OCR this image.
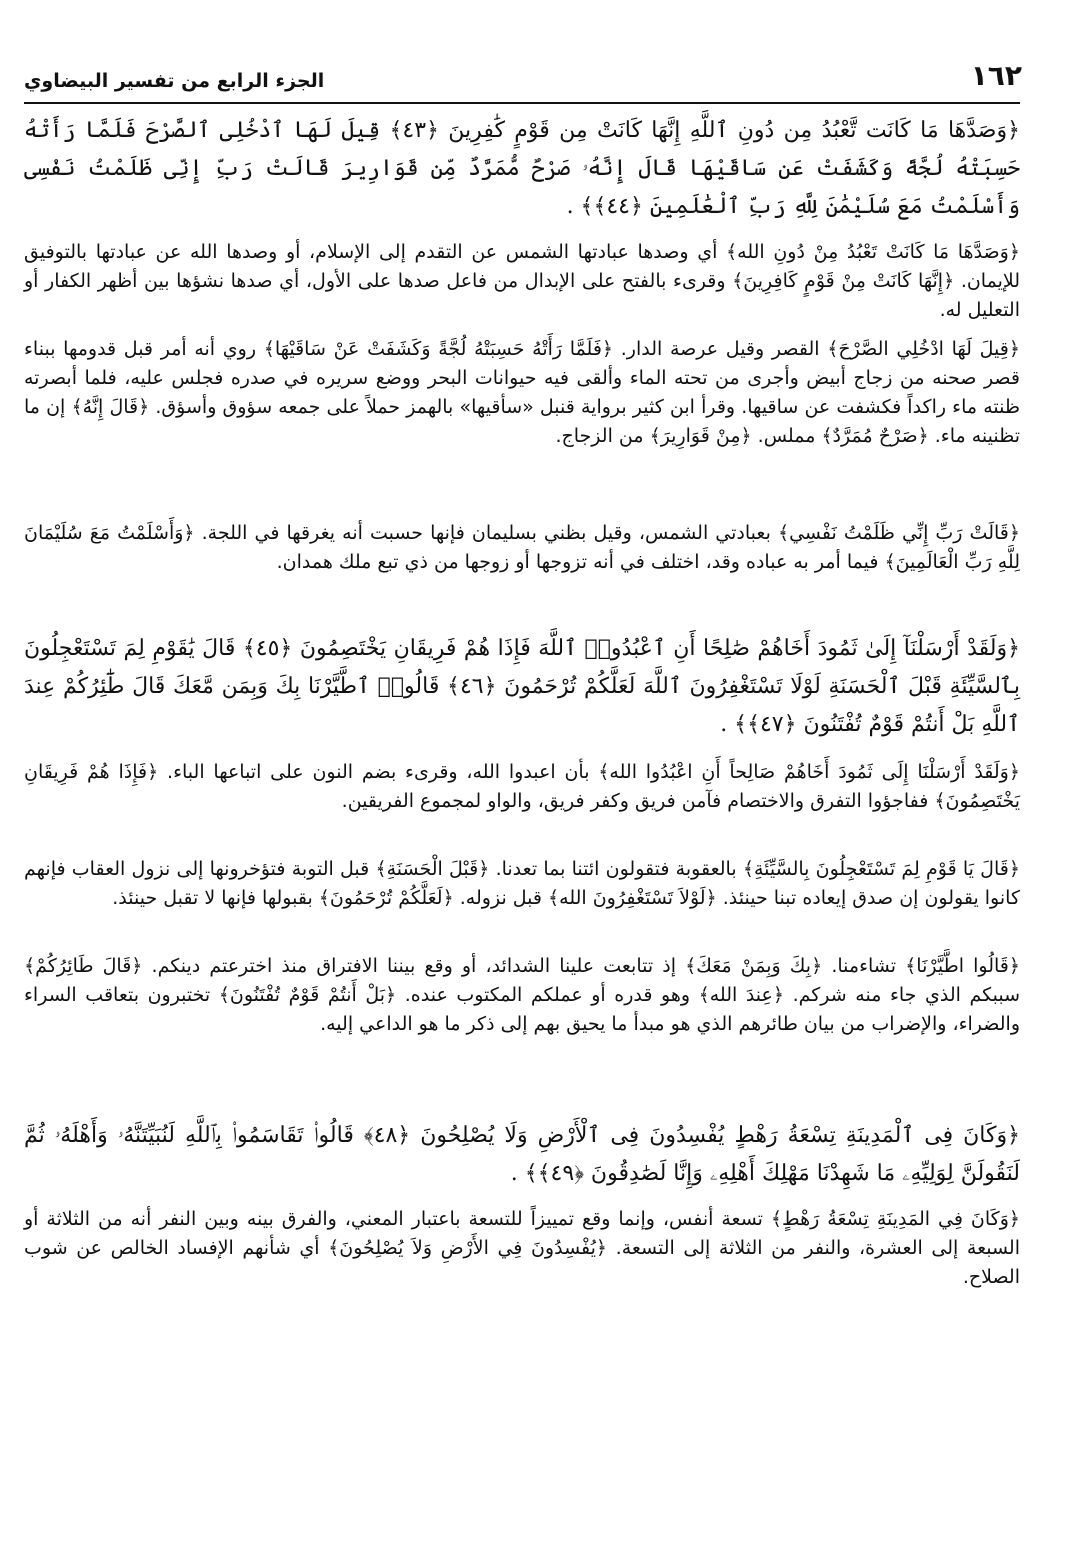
١٦٢
الجزء الرابع من تفسير البيضاوي

﴿وَصَدَّهَا مَا كَانَت تَّعْبُدُ مِن دُونِ ٱللَّهِ إِنَّهَا كَانَتْ مِن قَوْمٍ كَٰفِرِينَ ﴿٤٣﴾ قِيلَ لَهَا ٱدْخُلِى ٱلصَّرْحَ فَلَمَّا رَأَتْهُ حَسِبَتْهُ لُجَّةً وَكَشَفَتْ عَن سَاقَيْهَا قَالَ إِنَّهُۥ صَرْحٌ مُّمَرَّدٌ مِّن قَوَارِيرَ قَالَتْ رَبِّ إِنِّى ظَلَمْتُ نَفْسِى وَأَسْلَمْتُ مَعَ سُلَيْمَٰنَ لِلَّهِ رَبِّ ٱلْعَٰلَمِينَ ﴿٤٤﴾﴾ .

﴿وَصَدَّهَا مَا كَانَتْ تَعْبُدُ مِنْ دُونِ الله﴾ أي وصدها عبادتها الشمس عن التقدم إلى الإسلام، أو وصدها الله عن عبادتها بالتوفيق للإيمان. ﴿إِنَّهَا كَانَتْ مِنْ قَوْمٍ كَافِرِينَ﴾ وقرىء بالفتح على الإبدال من فاعل صدها على الأول، أي صدها نشؤها بين أظهر الكفار أو التعليل له.

﴿قِيلَ لَهَا ادْخُلِي الصَّرْحَ﴾ القصر وقيل عرصة الدار. ﴿فَلَمَّا رَأَتْهُ حَسِبَتْهُ لُجَّةً وَكَشَفَتْ عَنْ سَاقَيْهَا﴾ روي أنه أمر قبل قدومها ببناء قصر صحنه من زجاج أبيض وأجرى من تحته الماء وألقى فيه حيوانات البحر ووضع سريره في صدره فجلس عليه، فلما أبصرته ظنته ماء راكداً فكشفت عن ساقيها. وقرأ ابن كثير برواية قنبل «سأقيها» بالهمز حملاً على جمعه سؤوق وأسؤق. ﴿قَالَ إِنَّهُ﴾ إن ما تظنينه ماء. ﴿صَرْحٌ مُمَرَّدٌ﴾ مملس. ﴿مِنْ قَوَارِيرَ﴾ من الزجاج.

﴿قَالَتْ رَبِّ إِنِّي ظَلَمْتُ نَفْسِي﴾ بعبادتي الشمس، وقيل بظني بسليمان فإنها حسبت أنه يغرقها في اللجة. ﴿وَأَسْلَمْتُ مَعَ سُلَيْمَانَ لِلَّهِ رَبِّ الْعَالَمِينَ﴾ فيما أمر به عباده وقد، اختلف في أنه تزوجها أو زوجها من ذي تبع ملك همدان.

﴿وَلَقَدْ أَرْسَلْنَآ إِلَىٰ ثَمُودَ أَخَاهُمْ صَٰلِحًا أَنِ ٱعْبُدُوا۟ ٱللَّهَ فَإِذَا هُمْ فَرِيقَانِ يَخْتَصِمُونَ ﴿٤٥﴾ قَالَ يَٰقَوْمِ لِمَ تَسْتَعْجِلُونَ بِٱلسَّيِّئَةِ قَبْلَ ٱلْحَسَنَةِ لَوْلَا تَسْتَغْفِرُونَ ٱللَّهَ لَعَلَّكُمْ تُرْحَمُونَ ﴿٤٦﴾ قَالُوا۟ ٱطَّيَّرْنَا بِكَ وَبِمَن مَّعَكَ قَالَ طَٰٓئِرُكُمْ عِندَ ٱللَّهِ بَلْ أَنتُمْ قَوْمٌ تُفْتَنُونَ ﴿٤٧﴾﴾ .

﴿وَلَقَدْ أَرْسَلْنَا إِلَى ثَمُودَ أَخَاهُمْ صَالِحاً أَنِ اعْبُدُوا الله﴾ بأن اعبدوا الله، وقرىء بضم النون على اتباعها الباء. ﴿فَإِذَا هُمْ فَرِيقَانِ يَخْتَصِمُونَ﴾ ففاجؤوا التفرق والاختصام فآمن فريق وكفر فريق، والواو لمجموع الفريقين.

﴿قَالَ يَا قَوْمِ لِمَ تَسْتَعْجِلُونَ بِالسَّيِّئَةِ﴾ بالعقوبة فتقولون ائتنا بما تعدنا. ﴿قَبْلَ الْحَسَنَةِ﴾ قبل التوبة فتؤخرونها إلى نزول العقاب فإنهم كانوا يقولون إن صدق إيعاده تبنا حينئذ. ﴿لَوْلاَ تَسْتَغْفِرُونَ الله﴾ قبل نزوله. ﴿لَعَلَّكُمْ تُرْحَمُونَ﴾ بقبولها فإنها لا تقبل حينئذ.

﴿قَالُوا اطَّيَّرْنَا﴾ تشاءمنا. ﴿بِكَ وَبِمَنْ مَعَكَ﴾ إذ تتابعت علينا الشدائد، أو وقع بيننا الافتراق منذ اخترعتم دينكم. ﴿قَالَ طَائِرُكُمْ﴾ سببكم الذي جاء منه شركم. ﴿عِندَ الله﴾ وهو قدره أو عملكم المكتوب عنده. ﴿بَلْ أَنتُمْ قَوْمٌ تُفْتَنُونَ﴾ تختبرون بتعاقب السراء والضراء، والإضراب من بيان طائرهم الذي هو مبدأ ما يحيق بهم إلى ذكر ما هو الداعي إليه.

﴿وَكَانَ فِى ٱلْمَدِينَةِ تِسْعَةُ رَهْطٍ يُفْسِدُونَ فِى ٱلْأَرْضِ وَلَا يُصْلِحُونَ ﴿٤٨﴾ قَالُوا۟ تَقَاسَمُوا۟ بِٱللَّهِ لَنُبَيِّتَنَّهُۥ وَأَهْلَهُۥ ثُمَّ لَنَقُولَنَّ لِوَلِيِّهِۦ مَا شَهِدْنَا مَهْلِكَ أَهْلِهِۦ وَإِنَّا لَصَٰدِقُونَ ﴿٤٩﴾﴾ .

﴿وَكَانَ فِي المَدِينَةِ تِسْعَةُ رَهْطٍ﴾ تسعة أنفس، وإنما وقع تمييزاً للتسعة باعتبار المعني، والفرق بينه وبين النفر أنه من الثلاثة أو السبعة إلى العشرة، والنفر من الثلاثة إلى التسعة. ﴿يُفْسِدُونَ فِي الأَرْضِ وَلاَ يُصْلِحُونَ﴾ أي شأنهم الإفساد الخالص عن شوب الصلاح.
